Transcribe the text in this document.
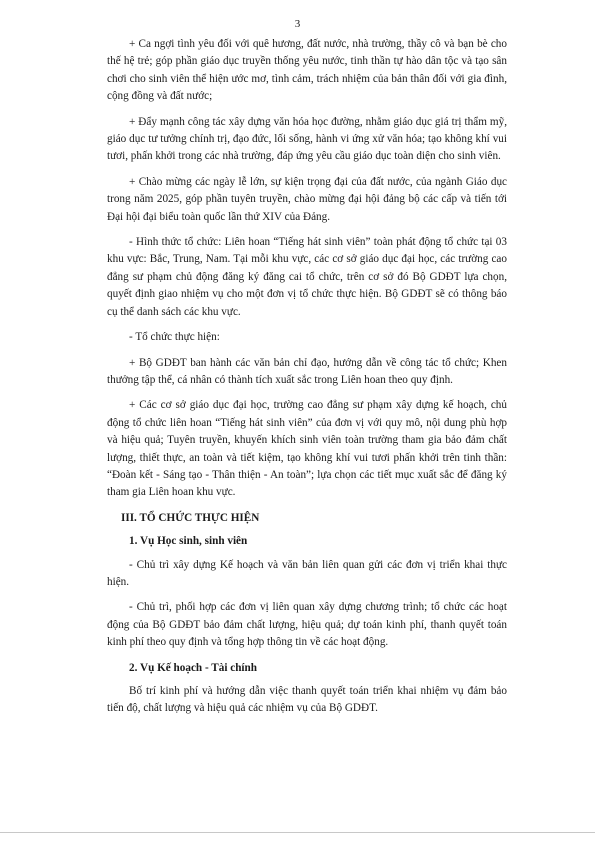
3

+ Ca ngợi tình yêu đối với quê hương, đất nước, nhà trường, thầy cô và bạn bè cho thế hệ trẻ; góp phần giáo dục truyền thống yêu nước, tinh thần tự hào dân tộc và tạo sân chơi cho sinh viên thể hiện ước mơ, tình cảm, trách nhiệm của bản thân đối với gia đình, cộng đồng và đất nước;

+ Đẩy mạnh công tác xây dựng văn hóa học đường, nhằm giáo dục giá trị thẩm mỹ, giáo dục tư tưởng chính trị, đạo đức, lối sống, hành vi ứng xử văn hóa; tạo không khí vui tươi, phấn khởi trong các nhà trường, đáp ứng yêu cầu giáo dục toàn diện cho sinh viên.

+ Chào mừng các ngày lễ lớn, sự kiện trọng đại của đất nước, của ngành Giáo dục trong năm 2025, góp phần tuyên truyền, chào mừng đại hội đảng bộ các cấp và tiến tới Đại hội đại biểu toàn quốc lần thứ XIV của Đảng.

- Hình thức tổ chức: Liên hoan “Tiếng hát sinh viên” toàn phát động tổ chức tại 03 khu vực: Bắc, Trung, Nam. Tại mỗi khu vực, các cơ sở giáo dục đại học, các trường cao đẳng sư phạm chủ động đăng ký đăng cai tổ chức, trên cơ sở đó Bộ GDĐT lựa chọn, quyết định giao nhiệm vụ cho một đơn vị tổ chức thực hiện. Bộ GDĐT sẽ có thông báo cụ thể danh sách các khu vực.

- Tổ chức thực hiện:

+ Bộ GDĐT ban hành các văn bản chỉ đạo, hướng dẫn về công tác tổ chức; Khen thưởng tập thể, cá nhân có thành tích xuất sắc trong Liên hoan theo quy định.

+ Các cơ sở giáo dục đại học, trường cao đẳng sư phạm xây dựng kế hoạch, chủ động tổ chức liên hoan “Tiếng hát sinh viên” của đơn vị với quy mô, nội dung phù hợp và hiệu quả; Tuyên truyền, khuyến khích sinh viên toàn trường tham gia bảo đảm chất lượng, thiết thực, an toàn và tiết kiệm, tạo không khí vui tươi phấn khởi trên tinh thần: “Đoàn kết - Sáng tạo - Thân thiện - An toàn”; lựa chọn các tiết mục xuất sắc để đăng ký tham gia Liên hoan khu vực.

III. TỔ CHỨC THỰC HIỆN

1. Vụ Học sinh, sinh viên

- Chủ trì xây dựng Kế hoạch và văn bản liên quan gửi các đơn vị triển khai thực hiện.

- Chủ trì, phối hợp các đơn vị liên quan xây dựng chương trình; tổ chức các hoạt động của Bộ GDĐT bảo đảm chất lượng, hiệu quả; dự toán kinh phí, thanh quyết toán kinh phí theo quy định và tổng hợp thông tin về các hoạt động.

2. Vụ Kế hoạch - Tài chính

Bố trí kinh phí và hướng dẫn việc thanh quyết toán triển khai nhiệm vụ đảm bảo tiến độ, chất lượng và hiệu quả các nhiệm vụ của Bộ GDĐT.
